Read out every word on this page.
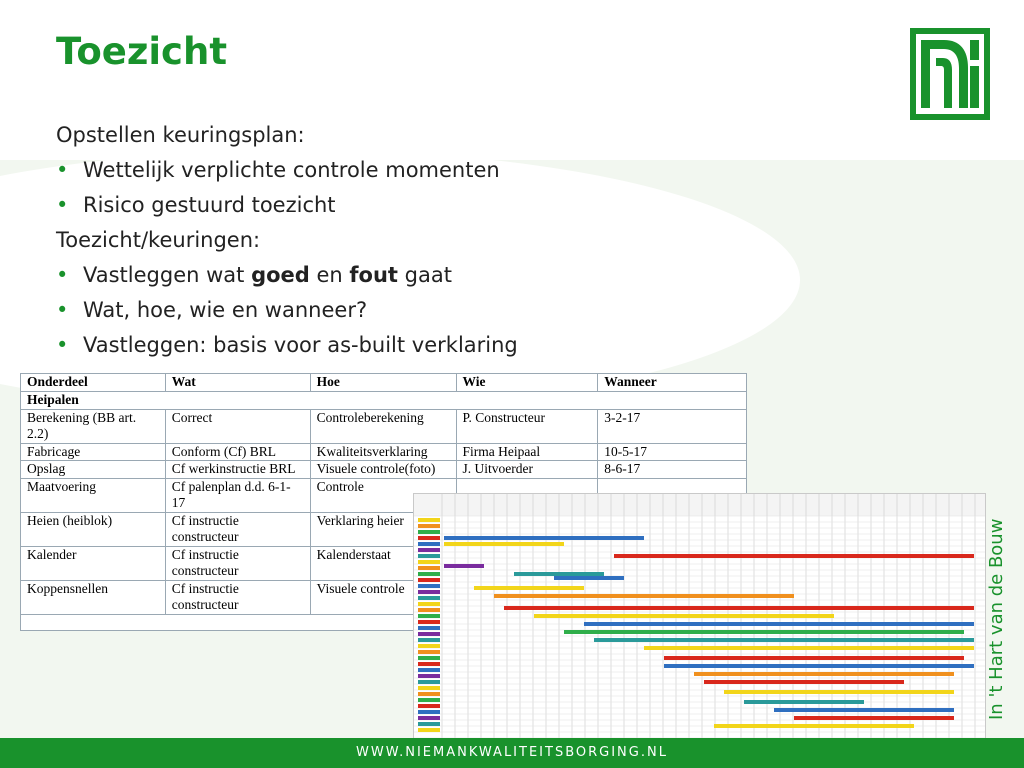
Toezicht
In 't Hart van de Bouw
Opstellen keuringsplan:
• Wettelijk verplichte controle momenten
• Risico gestuurd toezicht
Toezicht/keuringen:
• Vastleggen wat goed en fout gaat
• Wat, hoe, wie en wanneer?
• Vastleggen: basis voor as-built verklaring
Onderdeel	Wat	Hoe	Wie	Wanneer
Heipalen				
Berekening (BB art. 2.2)	Correct	Controleberekening	P. Constructeur	3-2-17
Fabricage	Conform (Cf) BRL	Kwaliteitsverklaring	Firma Heipaal	10-5-17
Opslag	Cf werkinstructie BRL	Visuele controle(foto)	J. Uitvoerder	8-6-17
Maatvoering	Cf palenplan d.d. 6-1-17	Controle		
Heien (heiblok)	Cf instructie constructeur	Verklaring heier		
Kalender	Cf instructie constructeur	Kalenderstaat		
Koppensnellen	Cf instructie constructeur	Visuele controle		

WWW.NIEMANKWALITEITSBORGING.NL
